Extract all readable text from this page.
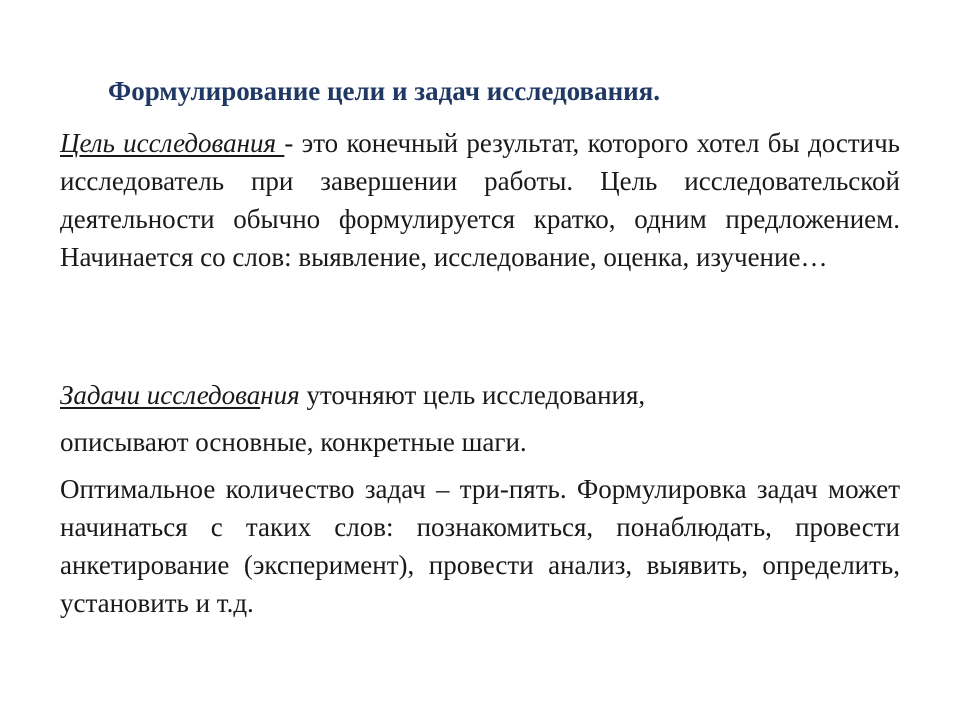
Формулирование цели и задач исследования.

Цель исследования - это конечный результат, которого хотел бы достичь исследователь при завершении работы. Цель исследовательской деятельности обычно формулируется кратко, одним предложением. Начинается со слов: выявление, исследование, оценка, изучение…

Задачи исследования уточняют цель исследования,

описывают основные, конкретные шаги.

Оптимальное количество задач – три-пять. Формулировка задач может начинаться с таких слов: познакомиться, понаблюдать, провести анкетирование (эксперимент), провести анализ, выявить, определить, установить и т.д.
